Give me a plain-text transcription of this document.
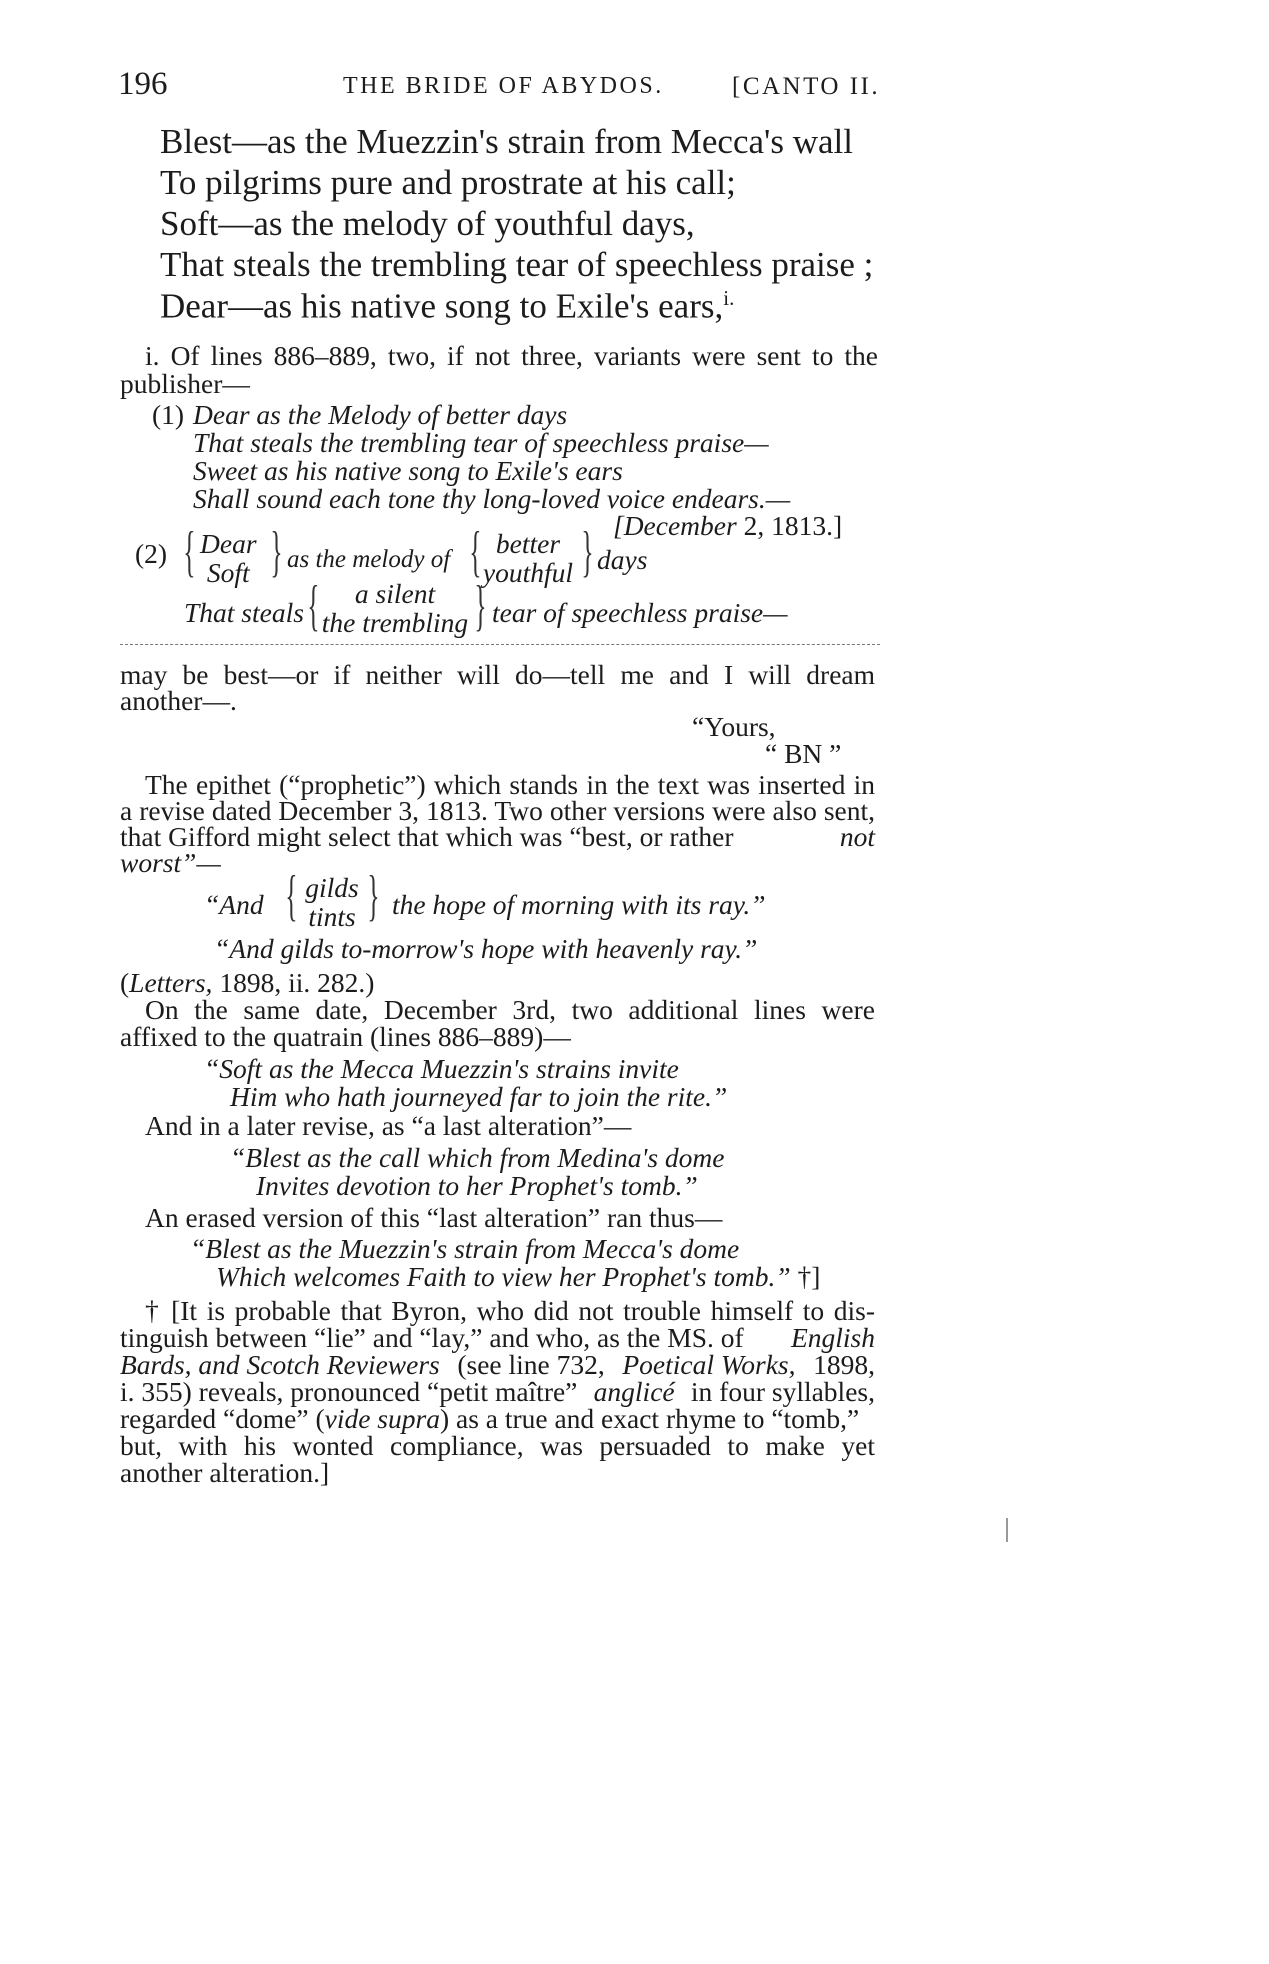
196	THE BRIDE OF ABYDOS.	[CANTO II.
Blest—as the Muezzin's strain from Mecca's wall
To pilgrims pure and prostrate at his call;
Soft—as the melody of youthful days,
That steals the trembling tear of speechless praise ;
Dear—as his native song to Exile's ears,$^{i.}$
i. Of lines 886–889, two, if not three, variants were sent to the
publisher—
(1) Dear as the Melody of better days
That steals the trembling tear of speechless praise—
Sweet as his native song to Exile's ears
Shall sound each tone thy long-loved voice endears.—
[December 2, 1813.]
(2) { Dear
Soft } as the melody of { better
youthful } days
That steals {	a silent
the trembling } tear of speechless praise—
may be best—or if neither will do—tell me and I will dream
another—.
“Yours,
“ BN ”
The epithet (“prophetic”) which stands in the text was inserted in
a revise dated December 3, 1813. Two other versions were also sent,
that Gifford might select that which was “best, or rather	not
worst”—
“And { gilds
tints } the hope of morning with its ray.”
“And gilds to-morrow's hope with heavenly ray.”
(Letters, 1898, ii. 282.)
On the same date, December 3rd, two additional lines were
affixed to the quatrain (lines 886–889)—
“Soft as the Mecca Muezzin's strains invite
Him who hath journeyed far to join the rite.”
And in a later revise, as “a last alteration”—
“Blest as the call which from Medina's dome
Invites devotion to her Prophet's tomb.”
An erased version of this “last alteration” ran thus—
“Blest as the Muezzin's strain from Mecca's dome
Which welcomes Faith to view her Prophet's tomb.” †]
† [It is probable that Byron, who did not trouble himself to dis-
tinguish between “lie” and “lay,” and who, as the MS. of English
Bards, and Scotch Reviewers (see line 732, Poetical Works, 1898,
i. 355) reveals, pronounced “petit maître” anglicé in four syllables,
regarded “dome” (vide supra) as a true and exact rhyme to “tomb,”
but, with his wonted compliance, was persuaded to make yet
another alteration.]
